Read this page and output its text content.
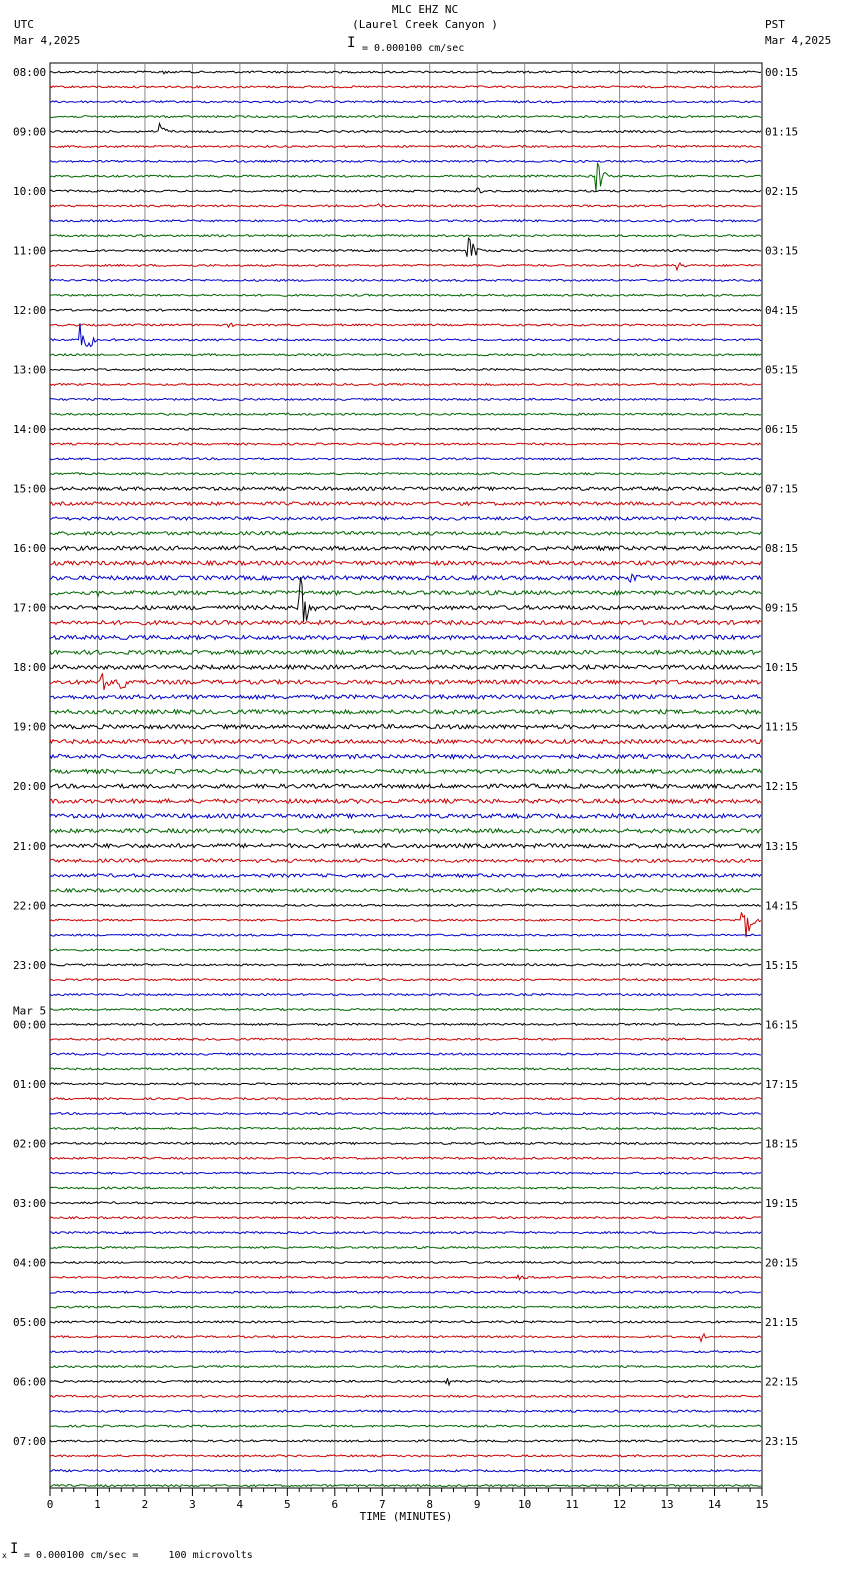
MLC EHZ NC
(Laurel Creek Canyon )
UTC
Mar 4,2025
PST
Mar 4,2025
I = 0.000100 cm/sec
08:00
09:00
10:00
11:00
12:00
13:00
14:00
15:00
16:00
17:00
18:00
19:00
20:00
21:00
22:00
23:00
00:00
Mar 5
01:00
02:00
03:00
04:00
05:00
06:00
07:00
00:15
01:15
02:15
03:15
04:15
05:15
06:15
07:15
08:15
09:15
10:15
11:15
12:15
13:15
14:15
15:15
16:15
17:15
18:15
19:15
20:15
21:15
22:15
23:15
0	1	2	3	4	5	6	7	8	9	10	11	12	13	14	15
TIME (MINUTES)
x I = 0.000100 cm/sec =     100 microvolts
